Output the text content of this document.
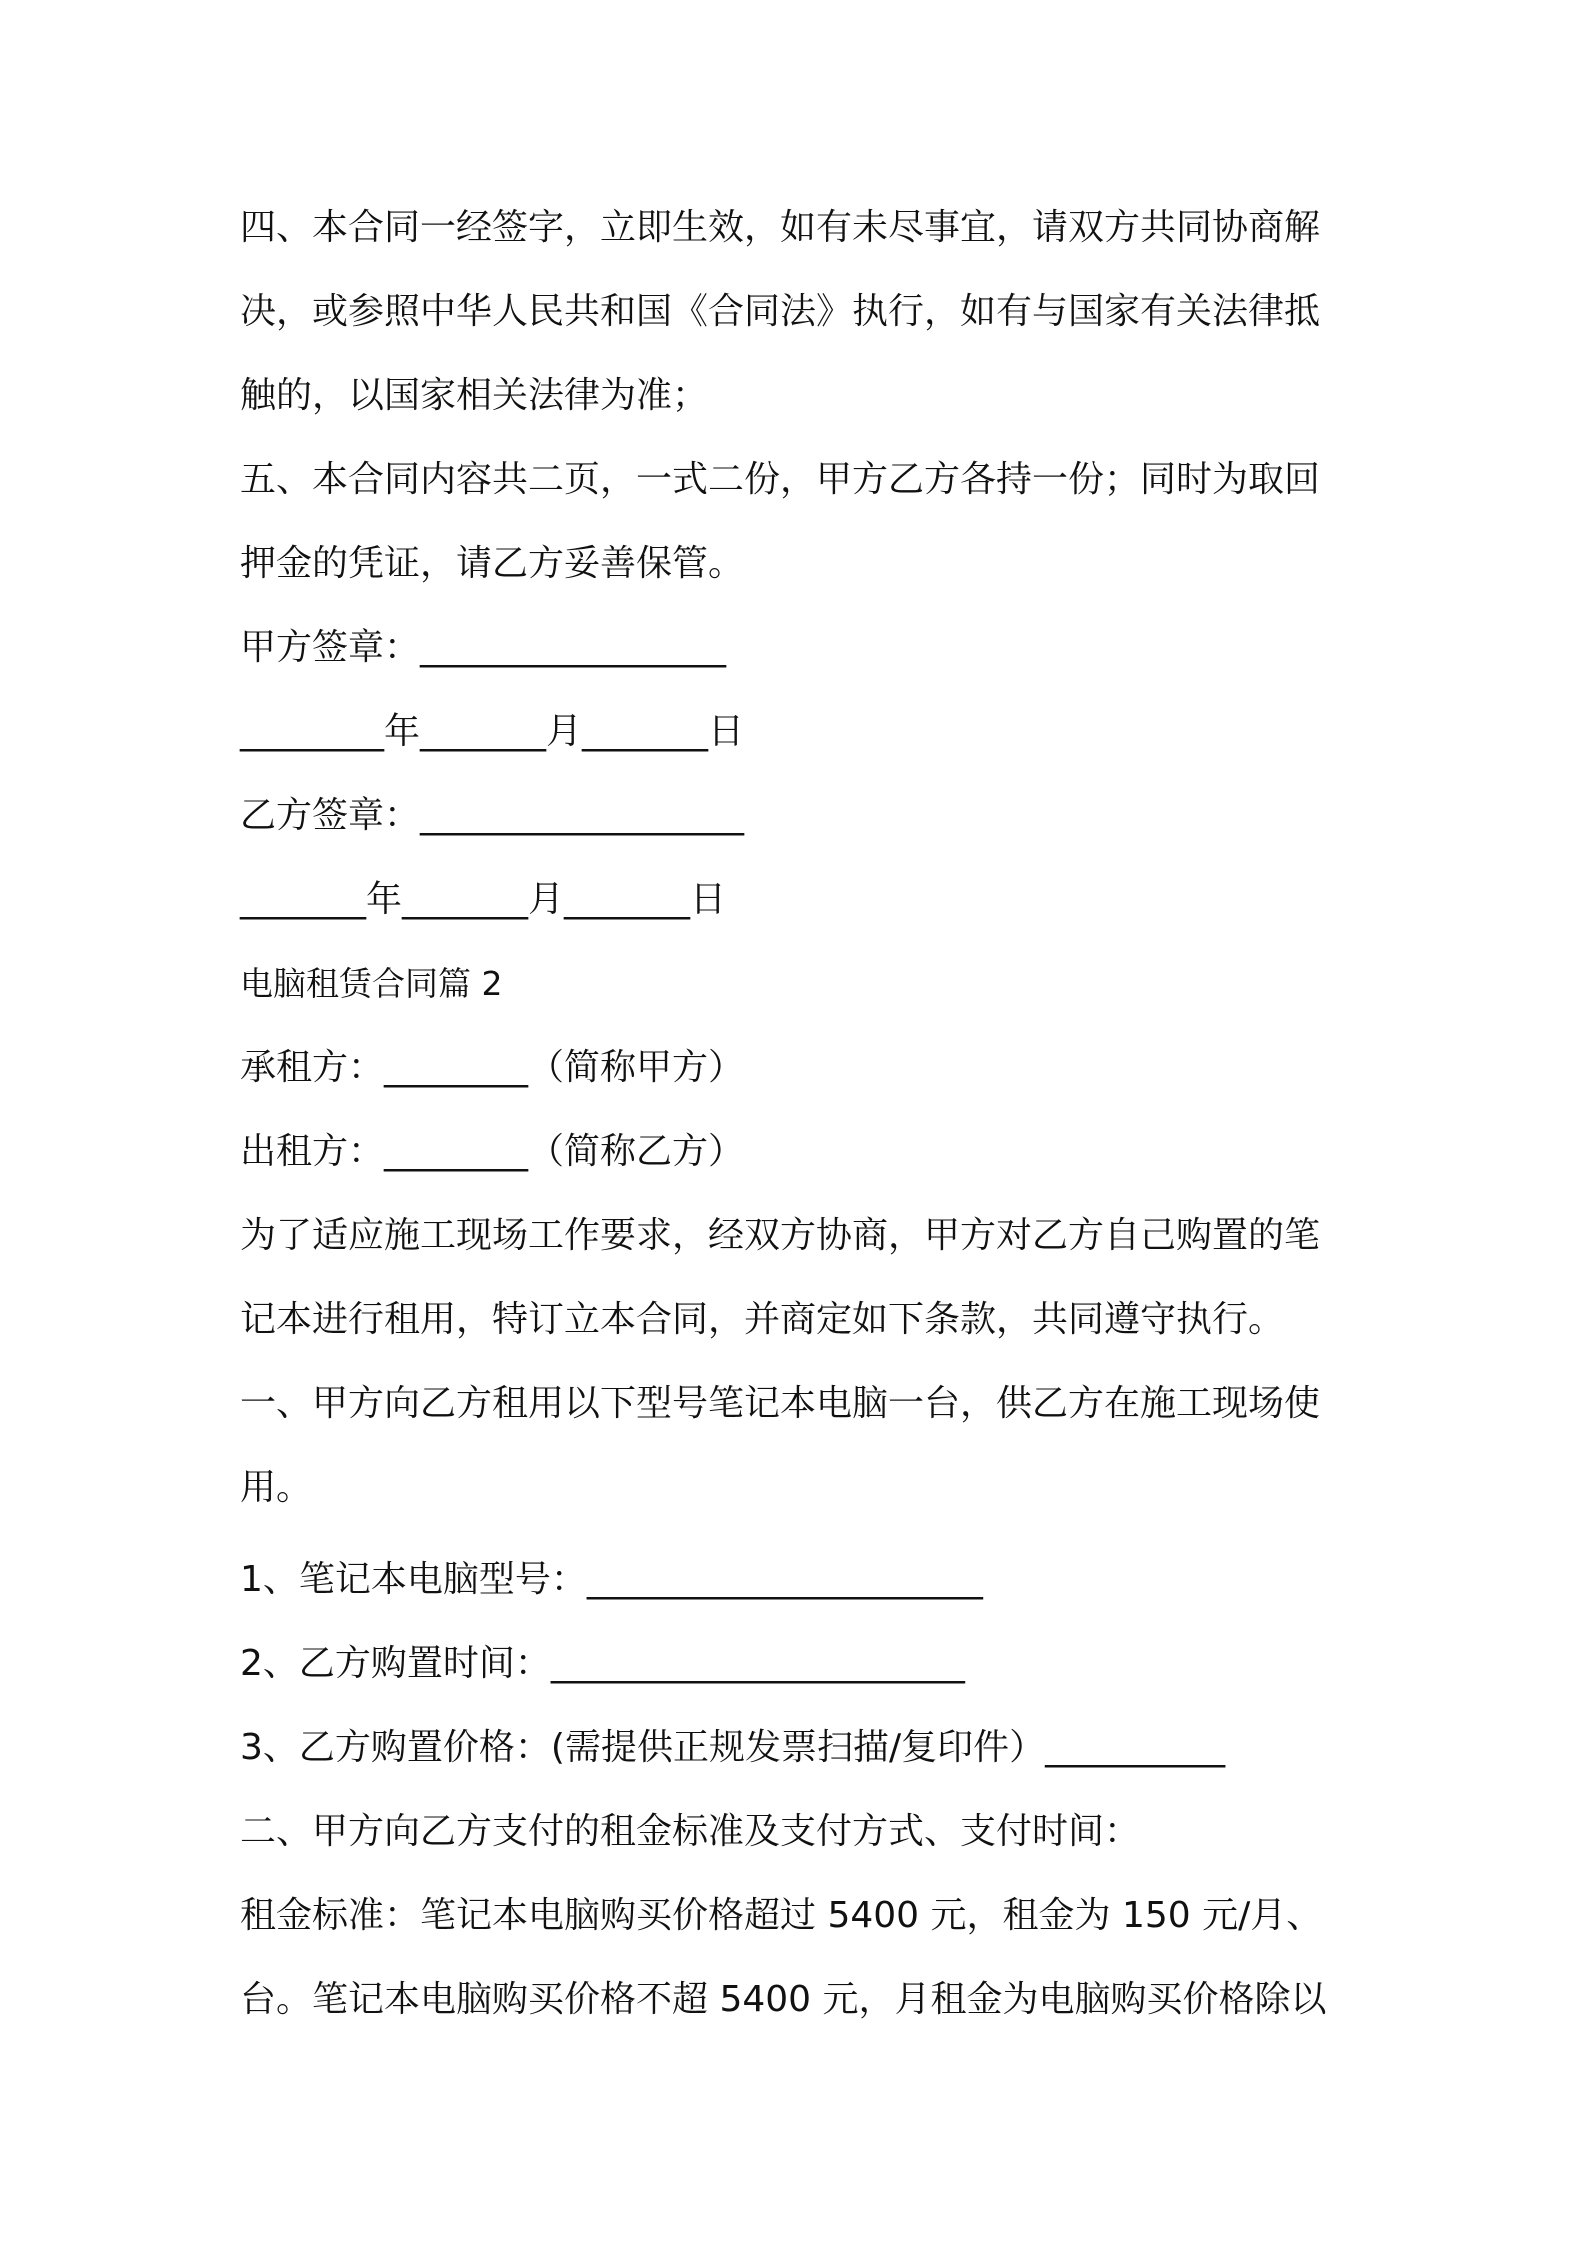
四、本合同一经签字，立即生效，如有未尽事宜，请双方共同协商解
决，或参照中华人民共和国《合同法》执行，如有与国家有关法律抵
触的，以国家相关法律为准；
五、本合同内容共二页，一式二份，甲方乙方各持一份；同时为取回
押金的凭证，请乙方妥善保管。
甲方签章：_________________
________年_______月_______日
乙方签章：__________________
_______年_______月_______日
电脑租赁合同篇 2
承租方：________（简称甲方）
出租方：________（简称乙方）
为了适应施工现场工作要求，经双方协商，甲方对乙方自己购置的笔
记本进行租用，特订立本合同，并商定如下条款，共同遵守执行。
一、甲方向乙方租用以下型号笔记本电脑一台，供乙方在施工现场使
用。
1、笔记本电脑型号：______________________
2、乙方购置时间：_______________________
3、乙方购置价格：(需提供正规发票扫描/复印件）__________
二、甲方向乙方支付的租金标准及支付方式、支付时间：
租金标准：笔记本电脑购买价格超过 5400 元，租金为 150 元/月、
台。笔记本电脑购买价格不超 5400 元，月租金为电脑购买价格除以
